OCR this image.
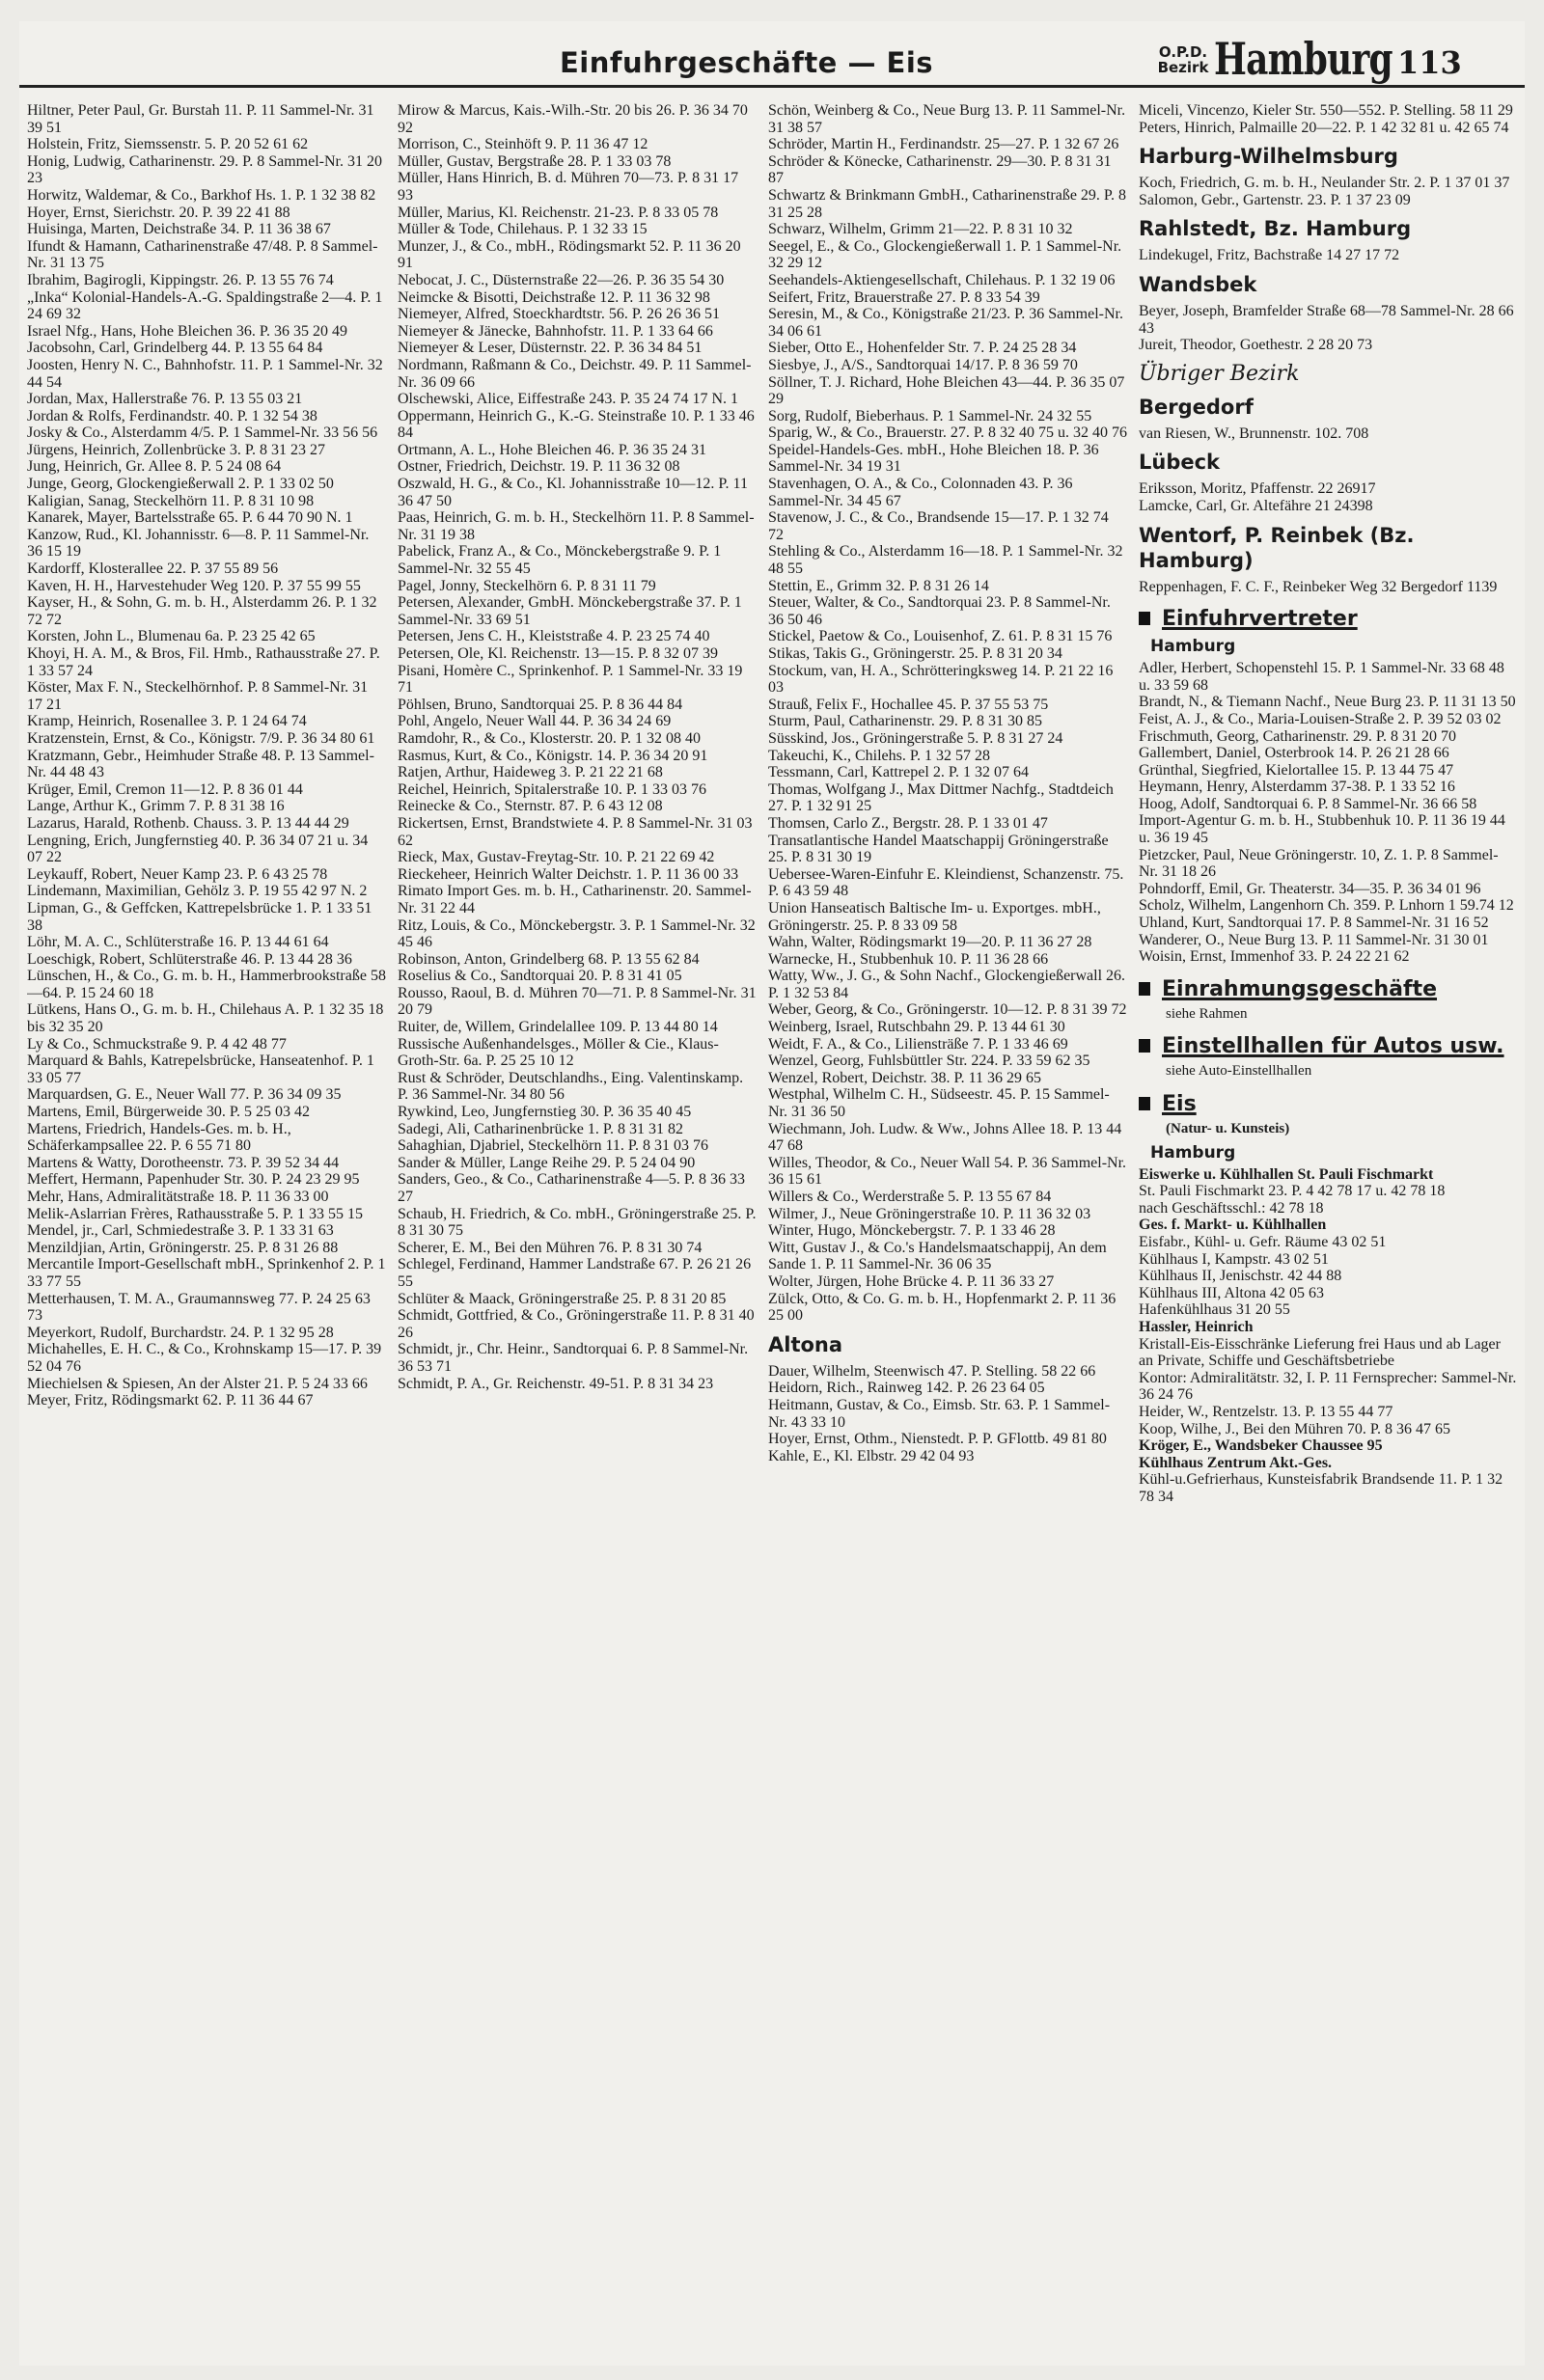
Einfuhrgeschäfte — Eis	O.P.D.
Bezirk Hamburg 113
Hiltner, Peter Paul, Gr. Burstah 11. P. 11 Sammel-Nr. 31 39 51
Holstein, Fritz, Siemssenstr. 5. P. 20 52 61 62
Honig, Ludwig, Catharinenstr. 29. P. 8 Sammel-Nr. 31 20 23
Horwitz, Waldemar, & Co., Barkhof Hs. 1. P. 1 32 38 82
Hoyer, Ernst, Sierichstr. 20. P. 39 22 41 88
Huisinga, Marten, Deichstraße 34. P. 11 36 38 67
Ifundt & Hamann, Catharinenstraße 47/48. P. 8 Sammel-Nr. 31 13 75
Ibrahim, Bagirogli, Kippingstr. 26. P. 13 55 76 74
„Inka“ Kolonial-Handels-A.-G. Spaldingstraße 2—4. P. 1 24 69 32
Israel Nfg., Hans, Hohe Bleichen 36. P. 36 35 20 49
Jacobsohn, Carl, Grindelberg 44. P. 13 55 64 84
Joosten, Henry N. C., Bahnhofstr. 11. P. 1 Sammel-Nr. 32 44 54
Jordan, Max, Hallerstraße 76. P. 13 55 03 21
Jordan & Rolfs, Ferdinandstr. 40. P. 1 32 54 38
Josky & Co., Alsterdamm 4/5. P. 1 Sammel-Nr. 33 56 56
Jürgens, Heinrich, Zollenbrücke 3. P. 8 31 23 27
Jung, Heinrich, Gr. Allee 8. P. 5 24 08 64
Junge, Georg, Glockengießerwall 2. P. 1 33 02 50
Kaligian, Sanag, Steckelhörn 11. P. 8 31 10 98
Kanarek, Mayer, Bartelsstraße 65. P. 6 44 70 90 N. 1
Kanzow, Rud., Kl. Johannisstr. 6—8. P. 11 Sammel-Nr. 36 15 19
Kardorff, Klosterallee 22. P. 37 55 89 56
Kaven, H. H., Harvestehuder Weg 120. P. 37 55 99 55
Kayser, H., & Sohn, G. m. b. H., Alsterdamm 26. P. 1 32 72 72
Korsten, John L., Blumenau 6a. P. 23 25 42 65
Khoyi, H. A. M., & Bros, Fil. Hmb., Rathausstraße 27. P. 1 33 57 24
Köster, Max F. N., Steckelhörnhof. P. 8 Sammel-Nr. 31 17 21
Kramp, Heinrich, Rosenallee 3. P. 1 24 64 74
Kratzenstein, Ernst, & Co., Königstr. 7/9. P. 36 34 80 61
Kratzmann, Gebr., Heimhuder Straße 48. P. 13 Sammel-Nr. 44 48 43
Krüger, Emil, Cremon 11—12. P. 8 36 01 44
Lange, Arthur K., Grimm 7. P. 8 31 38 16
Lazarus, Harald, Rothenb. Chauss. 3. P. 13 44 44 29
Lengning, Erich, Jungfernstieg 40. P. 36 34 07 21 u. 34 07 22
Leykauff, Robert, Neuer Kamp 23. P. 6 43 25 78
Lindemann, Maximilian, Gehölz 3. P. 19 55 42 97 N. 2
Lipman, G., & Geffcken, Kattrepelsbrücke 1. P. 1 33 51 38
Löhr, M. A. C., Schlüterstraße 16. P. 13 44 61 64
Loeschigk, Robert, Schlüterstraße 46. P. 13 44 28 36
Lünschen, H., & Co., G. m. b. H., Hammerbrookstraße 58—64. P. 15 24 60 18
Lütkens, Hans O., G. m. b. H., Chilehaus A. P. 1 32 35 18 bis 32 35 20
Ly & Co., Schmuckstraße 9. P. 4 42 48 77
Marquard & Bahls, Katrepelsbrücke, Hanseatenhof. P. 1 33 05 77
Marquardsen, G. E., Neuer Wall 77. P. 36 34 09 35
Martens, Emil, Bürgerweide 30. P. 5 25 03 42
Martens, Friedrich, Handels-Ges. m. b. H., Schäferkampsallee 22. P. 6 55 71 80
Martens & Watty, Dorotheenstr. 73. P. 39 52 34 44
Meffert, Hermann, Papenhuder Str. 30. P. 24 23 29 95
Mehr, Hans, Admiralitätstraße 18. P. 11 36 33 00
Melik-Aslarrian Frères, Rathausstraße 5. P. 1 33 55 15
Mendel, jr., Carl, Schmiedestraße 3. P. 1 33 31 63
Menzildjian, Artin, Gröningerstr. 25. P. 8 31 26 88
Mercantile Import-Gesellschaft mbH., Sprinkenhof 2. P. 1 33 77 55
Metterhausen, T. M. A., Graumannsweg 77. P. 24 25 63 73
Meyerkort, Rudolf, Burchardstr. 24. P. 1 32 95 28
Michahelles, E. H. C., & Co., Krohnskamp 15—17. P. 39 52 04 76
Miechielsen & Spiesen, An der Alster 21. P. 5 24 33 66
Meyer, Fritz, Rödingsmarkt 62. P. 11 36 44 67
Mirow & Marcus, Kais.-Wilh.-Str. 20 bis 26. P. 36 34 70 92
Morrison, C., Steinhöft 9. P. 11 36 47 12
Müller, Gustav, Bergstraße 28. P. 1 33 03 78
Müller, Hans Hinrich, B. d. Mühren 70—73. P. 8 31 17 93
Müller, Marius, Kl. Reichenstr. 21-23. P. 8 33 05 78
Müller & Tode, Chilehaus. P. 1 32 33 15
Munzer, J., & Co., mbH., Rödingsmarkt 52. P. 11 36 20 91
Nebocat, J. C., Düsternstraße 22—26. P. 36 35 54 30
Neimcke & Bisotti, Deichstraße 12. P. 11 36 32 98
Niemeyer, Alfred, Stoeckhardtstr. 56. P. 26 26 36 51
Niemeyer & Jänecke, Bahnhofstr. 11. P. 1 33 64 66
Niemeyer & Leser, Düsternstr. 22. P. 36 34 84 51
Nordmann, Raßmann & Co., Deichstr. 49. P. 11 Sammel-Nr. 36 09 66
Olschewski, Alice, Eiffestraße 243. P. 35 24 74 17 N. 1
Oppermann, Heinrich G., K.-G. Steinstraße 10. P. 1 33 46 84
Ortmann, A. L., Hohe Bleichen 46. P. 36 35 24 31
Ostner, Friedrich, Deichstr. 19. P. 11 36 32 08
Oszwald, H. G., & Co., Kl. Johannisstraße 10—12. P. 11 36 47 50
Paas, Heinrich, G. m. b. H., Steckelhörn 11. P. 8 Sammel-Nr. 31 19 38
Pabelick, Franz A., & Co., Mönckebergstraße 9. P. 1 Sammel-Nr. 32 55 45
Pagel, Jonny, Steckelhörn 6. P. 8 31 11 79
Petersen, Alexander, GmbH. Mönckebergstraße 37. P. 1 Sammel-Nr. 33 69 51
Petersen, Jens C. H., Kleiststraße 4. P. 23 25 74 40
Petersen, Ole, Kl. Reichenstr. 13—15. P. 8 32 07 39
Pisani, Homère C., Sprinkenhof. P. 1 Sammel-Nr. 33 19 71
Pöhlsen, Bruno, Sandtorquai 25. P. 8 36 44 84
Pohl, Angelo, Neuer Wall 44. P. 36 34 24 69
Ramdohr, R., & Co., Klosterstr. 20. P. 1 32 08 40
Rasmus, Kurt, & Co., Königstr. 14. P. 36 34 20 91
Ratjen, Arthur, Haideweg 3. P. 21 22 21 68
Reichel, Heinrich, Spitalerstraße 10. P. 1 33 03 76
Reinecke & Co., Sternstr. 87. P. 6 43 12 08
Rickertsen, Ernst, Brandstwiete 4. P. 8 Sammel-Nr. 31 03 62
Rieck, Max, Gustav-Freytag-Str. 10. P. 21 22 69 42
Rieckeheer, Heinrich Walter Deichstr. 1. P. 11 36 00 33
Rimato Import Ges. m. b. H., Catharinenstr. 20. Sammel-Nr. 31 22 44
Ritz, Louis, & Co., Mönckebergstr. 3. P. 1 Sammel-Nr. 32 45 46
Robinson, Anton, Grindelberg 68. P. 13 55 62 84
Roselius & Co., Sandtorquai 20. P. 8 31 41 05
Rousso, Raoul, B. d. Mühren 70—71. P. 8 Sammel-Nr. 31 20 79
Ruiter, de, Willem, Grindelallee 109. P. 13 44 80 14
Russische Außenhandelsges., Möller & Cie., Klaus-Groth-Str. 6a. P. 25 25 10 12
Rust & Schröder, Deutschlandhs., Eing. Valentinskamp. P. 36 Sammel-Nr. 34 80 56
Rywkind, Leo, Jungfernstieg 30. P. 36 35 40 45
Sadegi, Ali, Catharinenbrücke 1. P. 8 31 31 82
Sahaghian, Djabriel, Steckelhörn 11. P. 8 31 03 76
Sander & Müller, Lange Reihe 29. P. 5 24 04 90
Sanders, Geo., & Co., Catharinenstraße 4—5. P. 8 36 33 27
Schaub, H. Friedrich, & Co. mbH., Gröningerstraße 25. P. 8 31 30 75
Scherer, E. M., Bei den Mühren 76. P. 8 31 30 74
Schlegel, Ferdinand, Hammer Landstraße 67. P. 26 21 26 55
Schlüter & Maack, Gröningerstraße 25. P. 8 31 20 85
Schmidt, Gottfried, & Co., Gröningerstraße 11. P. 8 31 40 26
Schmidt, jr., Chr. Heinr., Sandtorquai 6. P. 8 Sammel-Nr. 36 53 71
Schmidt, P. A., Gr. Reichenstr. 49-51. P. 8 31 34 23
Schön, Weinberg & Co., Neue Burg 13. P. 11 Sammel-Nr. 31 38 57
Schröder, Martin H., Ferdinandstr. 25—27. P. 1 32 67 26
Schröder & Könecke, Catharinenstr. 29—30. P. 8 31 31 87
Schwartz & Brinkmann GmbH., Catharinenstraße 29. P. 8 31 25 28
Schwarz, Wilhelm, Grimm 21—22. P. 8 31 10 32
Seegel, E., & Co., Glockengießerwall 1. P. 1 Sammel-Nr. 32 29 12
Seehandels-Aktiengesellschaft, Chilehaus. P. 1 32 19 06
Seifert, Fritz, Brauerstraße 27. P. 8 33 54 39
Seresin, M., & Co., Königstraße 21/23. P. 36 Sammel-Nr. 34 06 61
Sieber, Otto E., Hohenfelder Str. 7. P. 24 25 28 34
Siesbye, J., A/S., Sandtorquai 14/17. P. 8 36 59 70
Söllner, T. J. Richard, Hohe Bleichen 43—44. P. 36 35 07 29
Sorg, Rudolf, Bieberhaus. P. 1 Sammel-Nr. 24 32 55
Sparig, W., & Co., Brauerstr. 27. P. 8 32 40 75 u. 32 40 76
Speidel-Handels-Ges. mbH., Hohe Bleichen 18. P. 36 Sammel-Nr. 34 19 31
Stavenhagen, O. A., & Co., Colonnaden 43. P. 36 Sammel-Nr. 34 45 67
Stavenow, J. C., & Co., Brandsende 15—17. P. 1 32 74 72
Stehling & Co., Alsterdamm 16—18. P. 1 Sammel-Nr. 32 48 55
Stettin, E., Grimm 32. P. 8 31 26 14
Steuer, Walter, & Co., Sandtorquai 23. P. 8 Sammel-Nr. 36 50 46
Stickel, Paetow & Co., Louisenhof, Z. 61. P. 8 31 15 76
Stikas, Takis G., Gröningerstr. 25. P. 8 31 20 34
Stockum, van, H. A., Schrötteringksweg 14. P. 21 22 16 03
Strauß, Felix F., Hochallee 45. P. 37 55 53 75
Sturm, Paul, Catharinenstr. 29. P. 8 31 30 85
Süsskind, Jos., Gröningerstraße 5. P. 8 31 27 24
Takeuchi, K., Chilehs. P. 1 32 57 28
Tessmann, Carl, Kattrepel 2. P. 1 32 07 64
Thomas, Wolfgang J., Max Dittmer Nachfg., Stadtdeich 27. P. 1 32 91 25
Thomsen, Carlo Z., Bergstr. 28. P. 1 33 01 47
Transatlantische Handel Maatschappij Gröningerstraße 25. P. 8 31 30 19
Uebersee-Waren-Einfuhr E. Kleindienst, Schanzenstr. 75. P. 6 43 59 48
Union Hanseatisch Baltische Im- u. Exportges. mbH., Gröningerstr. 25. P. 8 33 09 58
Wahn, Walter, Rödingsmarkt 19—20. P. 11 36 27 28
Warnecke, H., Stubbenhuk 10. P. 11 36 28 66
Watty, Ww., J. G., & Sohn Nachf., Glockengießerwall 26. P. 1 32 53 84
Weber, Georg, & Co., Gröningerstr. 10—12. P. 8 31 39 72
Weinberg, Israel, Rutschbahn 29. P. 13 44 61 30
Weidt, F. A., & Co., Liliensträße 7. P. 1 33 46 69
Wenzel, Georg, Fuhlsbüttler Str. 224. P. 33 59 62 35
Wenzel, Robert, Deichstr. 38. P. 11 36 29 65
Westphal, Wilhelm C. H., Südseestr. 45. P. 15 Sammel-Nr. 31 36 50
Wiechmann, Joh. Ludw. & Ww., Johns Allee 18. P. 13 44 47 68
Willes, Theodor, & Co., Neuer Wall 54. P. 36 Sammel-Nr. 36 15 61
Willers & Co., Werderstraße 5. P. 13 55 67 84
Wilmer, J., Neue Gröningerstraße 10. P. 11 36 32 03
Winter, Hugo, Mönckebergstr. 7. P. 1 33 46 28
Witt, Gustav J., & Co.'s Handelsmaatschappij, An dem Sande 1. P. 11 Sammel-Nr. 36 06 35
Wolter, Jürgen, Hohe Brücke 4. P. 11 36 33 27
Zülck, Otto, & Co. G. m. b. H., Hopfenmarkt 2. P. 11 36 25 00
Altona
Dauer, Wilhelm, Steenwisch 47. P. Stelling. 58 22 66
Heidorn, Rich., Rainweg 142. P. 26 23 64 05
Heitmann, Gustav, & Co., Eimsb. Str. 63. P. 1 Sammel-Nr. 43 33 10
Hoyer, Ernst, Othm., Nienstedt. P. P. GFlottb. 49 81 80
Kahle, E., Kl. Elbstr. 29 42 04 93
Miceli, Vincenzo, Kieler Str. 550—552. P. Stelling. 58 11 29
Peters, Hinrich, Palmaille 20—22. P. 1 42 32 81 u. 42 65 74
Harburg-Wilhelmsburg
Koch, Friedrich, G. m. b. H., Neulander Str. 2. P. 1 37 01 37
Salomon, Gebr., Gartenstr. 23. P. 1 37 23 09
Rahlstedt, Bz. Hamburg
Lindekugel, Fritz, Bachstraße 14 27 17 72
Wandsbek
Beyer, Joseph, Bramfelder Straße 68—78 Sammel-Nr. 28 66 43
Jureit, Theodor, Goethestr. 2 28 20 73
Übriger Bezirk
Bergedorf
van Riesen, W., Brunnenstr. 102. 708
Lübeck
Eriksson, Moritz, Pfaffenstr. 22 26917
Lamcke, Carl, Gr. Altefähre 21 24398
Wentorf, P. Reinbek (Bz. Hamburg)
Reppenhagen, F. C. F., Reinbeker Weg 32 Bergedorf 1139
Einfuhrvertreter
Hamburg
Adler, Herbert, Schopenstehl 15. P. 1 Sammel-Nr. 33 68 48 u. 33 59 68
Brandt, N., & Tiemann Nachf., Neue Burg 23. P. 11 31 13 50
Feist, A. J., & Co., Maria-Louisen-Straße 2. P. 39 52 03 02
Frischmuth, Georg, Catharinenstr. 29. P. 8 31 20 70
Gallembert, Daniel, Osterbrook 14. P. 26 21 28 66
Grünthal, Siegfried, Kielortallee 15. P. 13 44 75 47
Heymann, Henry, Alsterdamm 37-38. P. 1 33 52 16
Hoog, Adolf, Sandtorquai 6. P. 8 Sammel-Nr. 36 66 58
Import-Agentur G. m. b. H., Stubbenhuk 10. P. 11 36 19 44 u. 36 19 45
Pietzcker, Paul, Neue Gröningerstr. 10, Z. 1. P. 8 Sammel-Nr. 31 18 26
Pohndorff, Emil, Gr. Theaterstr. 34—35. P. 36 34 01 96
Scholz, Wilhelm, Langenhorn Ch. 359. P. Lnhorn 1 59.74 12
Uhland, Kurt, Sandtorquai 17. P. 8 Sammel-Nr. 31 16 52
Wanderer, O., Neue Burg 13. P. 11 Sammel-Nr. 31 30 01
Woisin, Ernst, Immenhof 33. P. 24 22 21 62
Einrahmungsgeschäfte
siehe Rahmen
Einstellhallen für Autos usw.
siehe Auto-Einstellhallen
Eis
(Natur- u. Kunsteis)
Hamburg
Eiswerke u. Kühlhallen St. Pauli Fischmarkt
St. Pauli Fischmarkt 23. P. 4 42 78 17 u. 42 78 18
nach Geschäftsschl.: 42 78 18
Ges. f. Markt- u. Kühlhallen
Eisfabr., Kühl- u. Gefr. Räume 43 02 51
Kühlhaus I, Kampstr. 43 02 51
Kühlhaus II, Jenischstr. 42 44 88
Kühlhaus III, Altona 42 05 63
Hafenkühlhaus 31 20 55
Hassler, Heinrich
Kristall-Eis-Eisschränke Lieferung frei Haus und ab Lager an Private, Schiffe und Geschäftsbetriebe
Kontor: Admiralitätstr. 32, I. P. 11 Fernsprecher: Sammel-Nr. 36 24 76
Heider, W., Rentzelstr. 13. P. 13 55 44 77
Koop, Wilhe, J., Bei den Mühren 70. P. 8 36 47 65
Kröger, E., Wandsbeker Chaussee 95
Kühlhaus Zentrum Akt.-Ges.
Kühl-u.Gefrierhaus, Kunsteisfabrik Brandsende 11. P. 1 32 78 34
